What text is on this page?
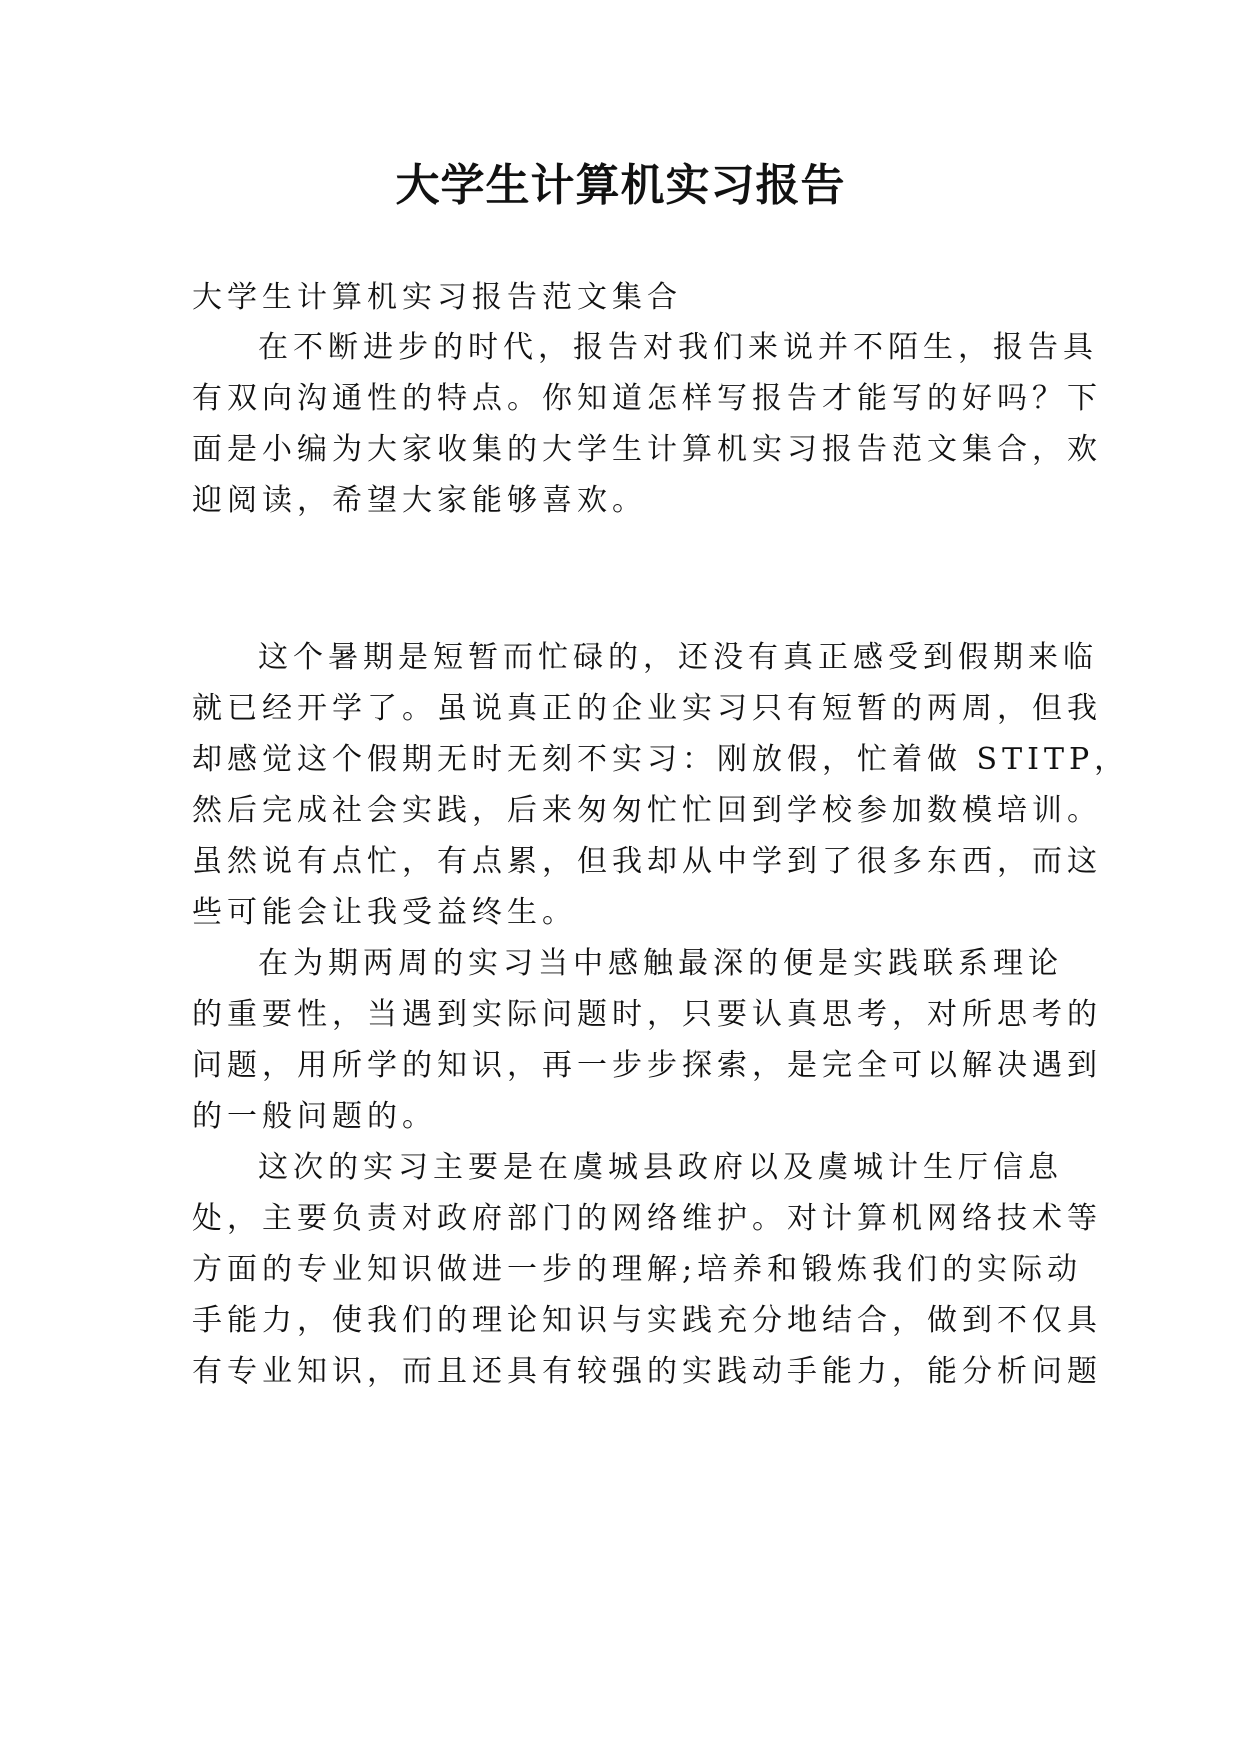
大学生计算机实习报告

大学生计算机实习报告范文集合

在不断进步的时代，报告对我们来说并不陌生，报告具

有双向沟通性的特点。你知道怎样写报告才能写的好吗？下

面是小编为大家收集的大学生计算机实习报告范文集合，欢

迎阅读，希望大家能够喜欢。

这个暑期是短暂而忙碌的，还没有真正感受到假期来临

就已经开学了。虽说真正的企业实习只有短暂的两周，但我

却感觉这个假期无时无刻不实习：刚放假，忙着做 STITP，

然后完成社会实践，后来匆匆忙忙回到学校参加数模培训。

虽然说有点忙，有点累，但我却从中学到了很多东西，而这

些可能会让我受益终生。

在为期两周的实习当中感触最深的便是实践联系理论

的重要性，当遇到实际问题时，只要认真思考，对所思考的

问题，用所学的知识，再一步步探索，是完全可以解决遇到

的一般问题的。

这次的实习主要是在虞城县政府以及虞城计生厅信息

处，主要负责对政府部门的网络维护。对计算机网络技术等

方面的专业知识做进一步的理解;培养和锻炼我们的实际动

手能力，使我们的理论知识与实践充分地结合，做到不仅具

有专业知识，而且还具有较强的实践动手能力，能分析问题
